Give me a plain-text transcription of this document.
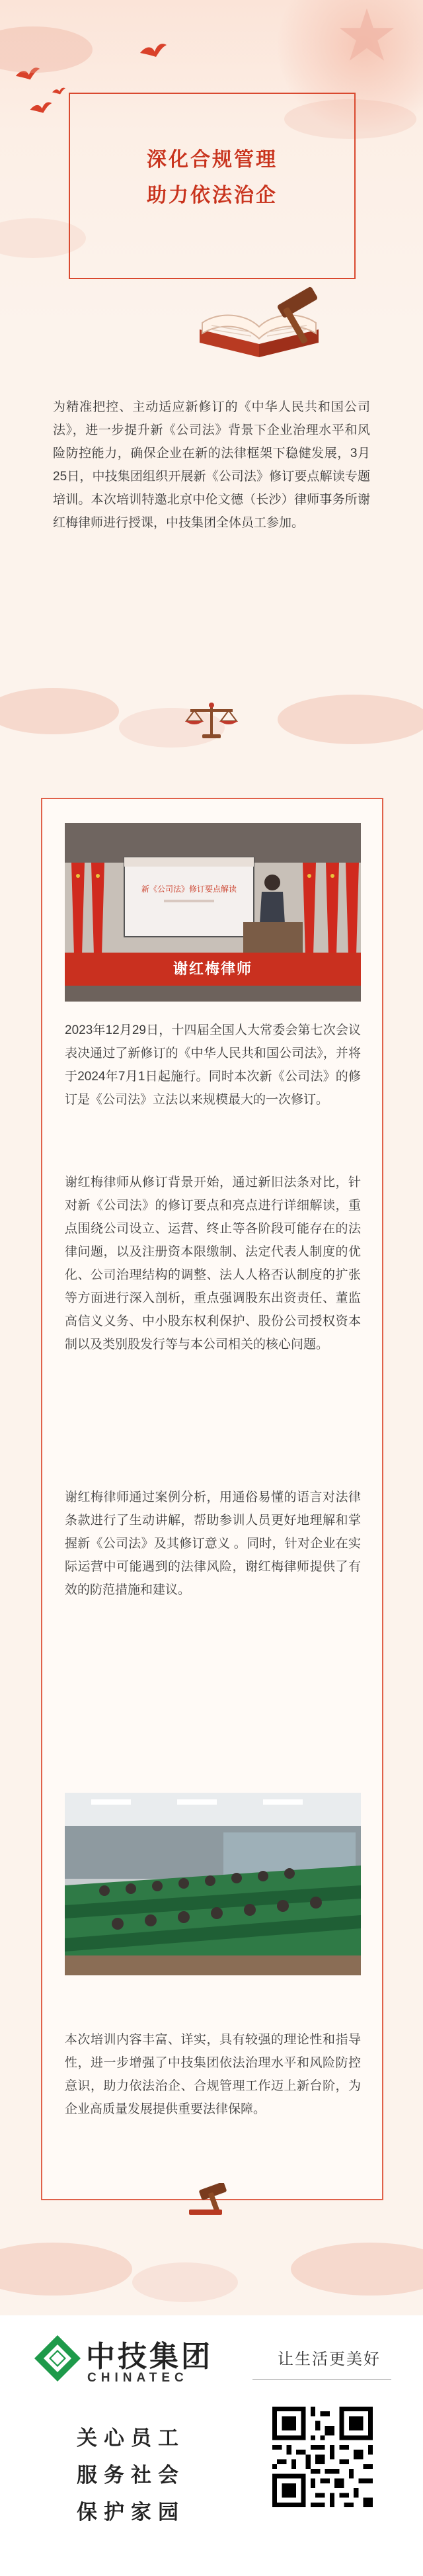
深化合规管理
助力依法治企

为精准把控、主动适应新修订的《中华人民共和国公司法》，进一步提升新《公司法》背景下企业治理水平和风险防控能力，确保企业在新的法律框架下稳健发展，3月25日，中技集团组织开展新《公司法》修订要点解读专题培训。本次培训特邀北京中伦文德（长沙）律师事务所谢红梅律师进行授课，中技集团全体员工参加。

新《公司法》修订要点解读
谢红梅律师

2023年12月29日，十四届全国人大常委会第七次会议表决通过了新修订的《中华人民共和国公司法》，并将于2024年7月1日起施行。同时本次新《公司法》的修订是《公司法》立法以来规模最大的一次修订。

谢红梅律师从修订背景开始，通过新旧法条对比，针对新《公司法》的修订要点和亮点进行详细解读，重点围绕公司设立、运营、终止等各阶段可能存在的法律问题，以及注册资本限缴制、法定代表人制度的优化、公司治理结构的调整、法人人格否认制度的扩张等方面进行深入剖析，重点强调股东出资责任、董监高信义义务、中小股东权利保护、股份公司授权资本制以及类别股发行等与本公司相关的核心问题。

谢红梅律师通过案例分析，用通俗易懂的语言对法律条款进行了生动讲解，帮助参训人员更好地理解和掌握新《公司法》及其修订意义 。同时，针对企业在实际运营中可能遇到的法律风险，谢红梅律师提供了有效的防范措施和建议。

本次培训内容丰富、详实，具有较强的理论性和指导性，进一步增强了中技集团依法治理水平和风险防控意识，助力依法治企、合规管理工作迈上新台阶，为企业高质量发展提供重要法律保障。

中技集团
CHINATEC
让生活更美好
关心员工
服务社会
保护家园
